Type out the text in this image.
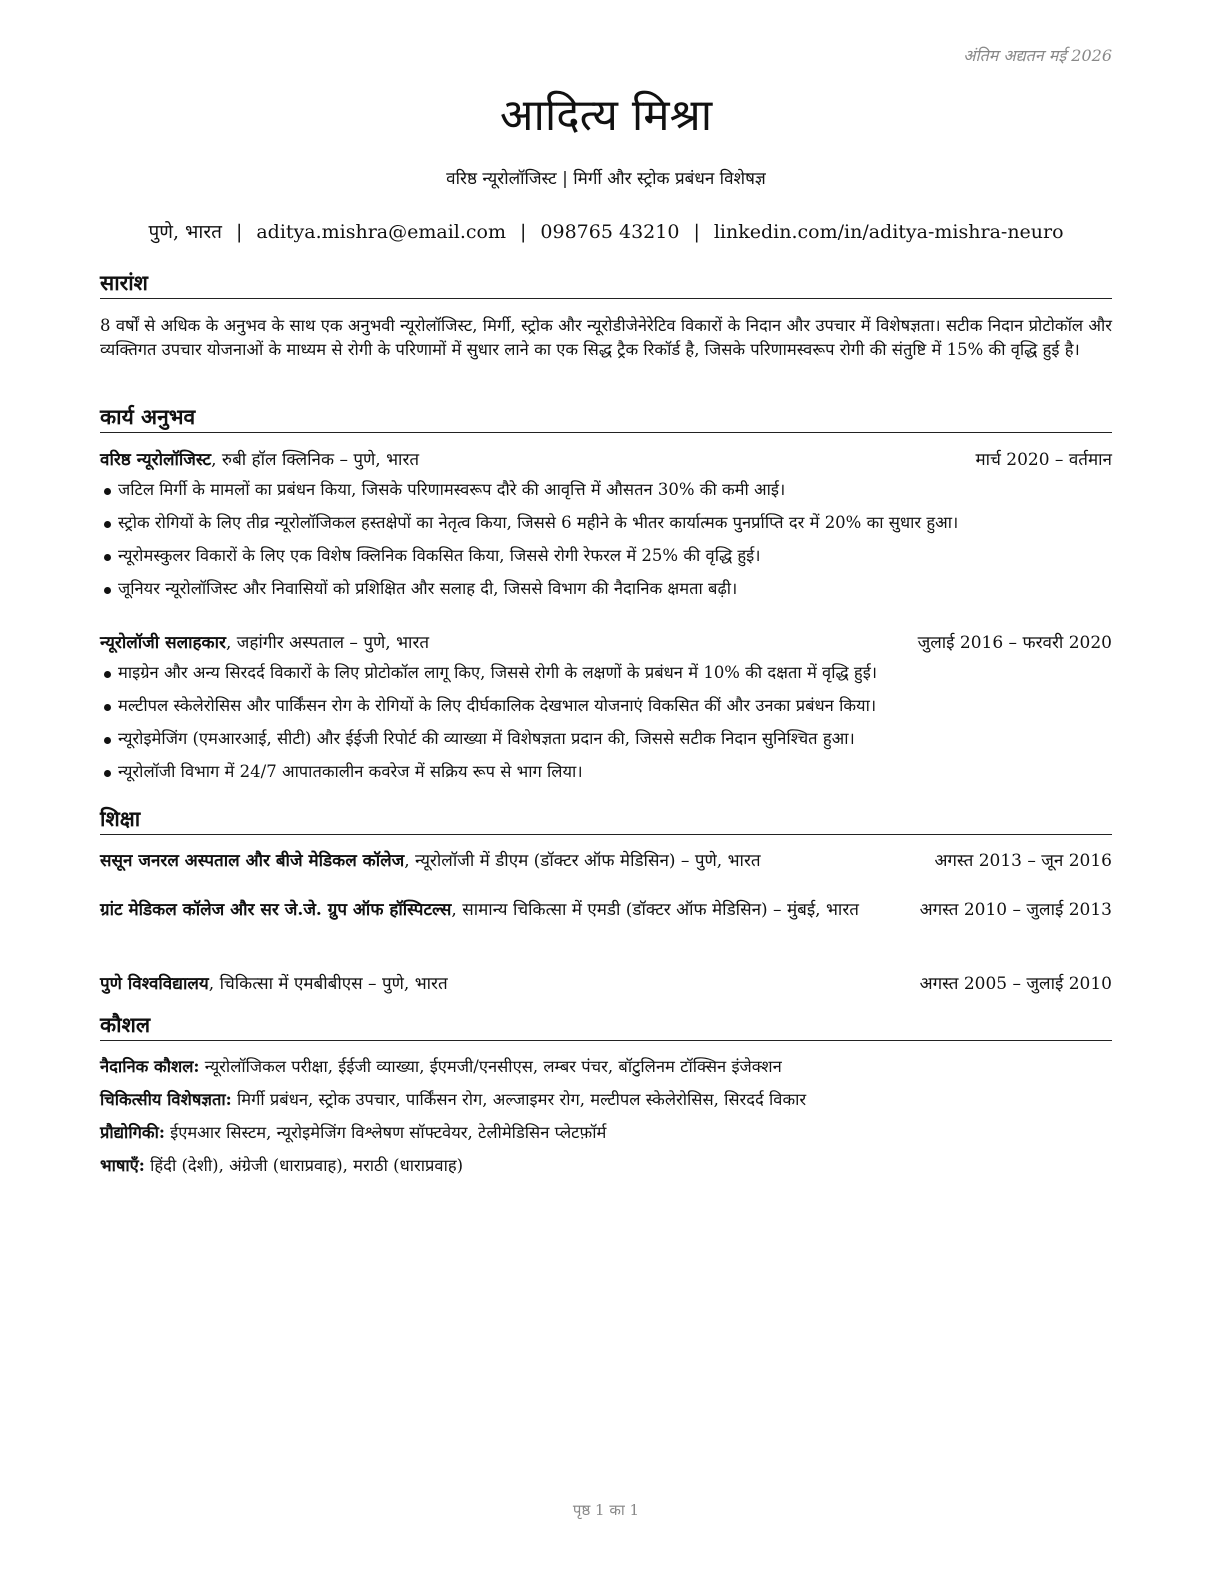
अंतिम अद्यतन मई 2026
आदित्य मिश्रा
वरिष्ठ न्यूरोलॉजिस्ट | मिर्गी और स्ट्रोक प्रबंधन विशेषज्ञ
पुणे, भारत | aditya.mishra@email.com | 098765 43210 | linkedin.com/in/aditya-mishra-neuro
सारांश
8 वर्षों से अधिक के अनुभव के साथ एक अनुभवी न्यूरोलॉजिस्ट, मिर्गी, स्ट्रोक और न्यूरोडीजेनेरेटिव विकारों के निदान और उपचार में विशेषज्ञता। सटीक निदान प्रोटोकॉल और व्यक्तिगत उपचार योजनाओं के माध्यम से रोगी के परिणामों में सुधार लाने का एक सिद्ध ट्रैक रिकॉर्ड है, जिसके परिणामस्वरूप रोगी की संतुष्टि में 15% की वृद्धि हुई है।
कार्य अनुभव
वरिष्ठ न्यूरोलॉजिस्ट, रुबी हॉल क्लिनिक – पुणे, भारत	मार्च 2020 – वर्तमान
जटिल मिर्गी के मामलों का प्रबंधन किया, जिसके परिणामस्वरूप दौरे की आवृत्ति में औसतन 30% की कमी आई।
स्ट्रोक रोगियों के लिए तीव्र न्यूरोलॉजिकल हस्तक्षेपों का नेतृत्व किया, जिससे 6 महीने के भीतर कार्यात्मक पुनर्प्राप्ति दर में 20% का सुधार हुआ।
न्यूरोमस्कुलर विकारों के लिए एक विशेष क्लिनिक विकसित किया, जिससे रोगी रेफरल में 25% की वृद्धि हुई।
जूनियर न्यूरोलॉजिस्ट और निवासियों को प्रशिक्षित और सलाह दी, जिससे विभाग की नैदानिक क्षमता बढ़ी।
न्यूरोलॉजी सलाहकार, जहांगीर अस्पताल – पुणे, भारत	जुलाई 2016 – फरवरी 2020
माइग्रेन और अन्य सिरदर्द विकारों के लिए प्रोटोकॉल लागू किए, जिससे रोगी के लक्षणों के प्रबंधन में 10% की दक्षता में वृद्धि हुई।
मल्टीपल स्केलेरोसिस और पार्किंसन रोग के रोगियों के लिए दीर्घकालिक देखभाल योजनाएं विकसित कीं और उनका प्रबंधन किया।
न्यूरोइमेजिंग (एमआरआई, सीटी) और ईईजी रिपोर्ट की व्याख्या में विशेषज्ञता प्रदान की, जिससे सटीक निदान सुनिश्चित हुआ।
न्यूरोलॉजी विभाग में 24/7 आपातकालीन कवरेज में सक्रिय रूप से भाग लिया।
शिक्षा
ससून जनरल अस्पताल और बीजे मेडिकल कॉलेज, न्यूरोलॉजी में डीएम (डॉक्टर ऑफ मेडिसिन) – पुणे, भारत	अगस्त 2013 – जून 2016
ग्रांट मेडिकल कॉलेज और सर जे.जे. ग्रुप ऑफ हॉस्पिटल्स, सामान्य चिकित्सा में एमडी (डॉक्टर ऑफ मेडिसिन) – मुंबई, भारत	अगस्त 2010 – जुलाई 2013
पुणे विश्वविद्यालय, चिकित्सा में एमबीबीएस – पुणे, भारत	अगस्त 2005 – जुलाई 2010
कौशल
नैदानिक कौशल: न्यूरोलॉजिकल परीक्षा, ईईजी व्याख्या, ईएमजी/एनसीएस, लम्बर पंचर, बॉटुलिनम टॉक्सिन इंजेक्शन
चिकित्सीय विशेषज्ञता: मिर्गी प्रबंधन, स्ट्रोक उपचार, पार्किंसन रोग, अल्जाइमर रोग, मल्टीपल स्केलेरोसिस, सिरदर्द विकार
प्रौद्योगिकी: ईएमआर सिस्टम, न्यूरोइमेजिंग विश्लेषण सॉफ्टवेयर, टेलीमेडिसिन प्लेटफ़ॉर्म
भाषाएँ: हिंदी (देशी), अंग्रेजी (धाराप्रवाह), मराठी (धाराप्रवाह)
पृष्ठ 1 का 1
